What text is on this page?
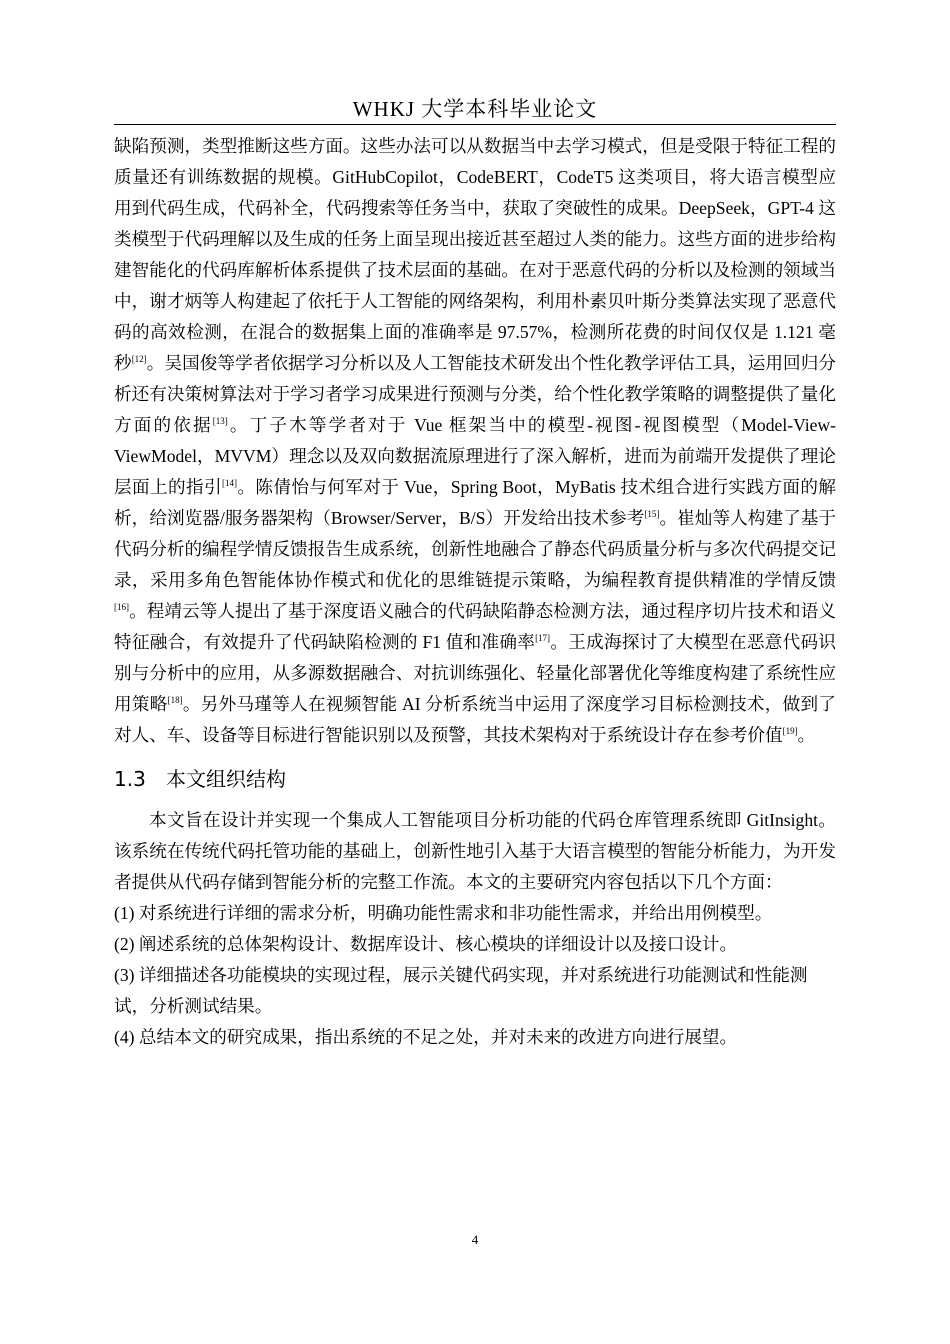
WHKJ 大学本科毕业论文

缺陷预测，类型推断这些方面。这些办法可以从数据当中去学习模式，但是受限于特征工程的质量还有训练数据的规模。GitHubCopilot，CodeBERT，CodeT5 这类项目，将大语言模型应用到代码生成，代码补全，代码搜索等任务当中，获取了突破性的成果。DeepSeek，GPT-4 这类模型于代码理解以及生成的任务上面呈现出接近甚至超过人类的能力。这些方面的进步给构建智能化的代码库解析体系提供了技术层面的基础。在对于恶意代码的分析以及检测的领域当中，谢才炳等人构建起了依托于人工智能的网络架构，利用朴素贝叶斯分类算法实现了恶意代码的高效检测，在混合的数据集上面的准确率是 97.57%，检测所花费的时间仅仅是 1.121 毫秒[12]。吴国俊等学者依据学习分析以及人工智能技术研发出个性化教学评估工具，运用回归分析还有决策树算法对于学习者学习成果进行预测与分类，给个性化教学策略的调整提供了量化方面的依据[13]。丁子木等学者对于 Vue 框架当中的模型-视图-视图模型（Model-View-ViewModel，MVVM）理念以及双向数据流原理进行了深入解析，进而为前端开发提供了理论层面上的指引[14]。陈倩怡与何军对于 Vue，Spring Boot，MyBatis 技术组合进行实践方面的解析，给浏览器/服务器架构（Browser/Server，B/S）开发给出技术参考[15]。崔灿等人构建了基于代码分析的编程学情反馈报告生成系统，创新性地融合了静态代码质量分析与多次代码提交记录，采用多角色智能体协作模式和优化的思维链提示策略，为编程教育提供精准的学情反馈[16]。程靖云等人提出了基于深度语义融合的代码缺陷静态检测方法，通过程序切片技术和语义特征融合，有效提升了代码缺陷检测的 F1 值和准确率[17]。王成海探讨了大模型在恶意代码识别与分析中的应用，从多源数据融合、对抗训练强化、轻量化部署优化等维度构建了系统性应用策略[18]。另外马瑾等人在视频智能 AI 分析系统当中运用了深度学习目标检测技术，做到了对人、车、设备等目标进行智能识别以及预警，其技术架构对于系统设计存在参考价值[19]。

1.3 本文组织结构

本文旨在设计并实现一个集成人工智能项目分析功能的代码仓库管理系统即 GitInsight。该系统在传统代码托管功能的基础上，创新性地引入基于大语言模型的智能分析能力，为开发者提供从代码存储到智能分析的完整工作流。本文的主要研究内容包括以下几个方面：

(1) 对系统进行详细的需求分析，明确功能性需求和非功能性需求，并给出用例模型。

(2) 阐述系统的总体架构设计、数据库设计、核心模块的详细设计以及接口设计。

(3) 详细描述各功能模块的实现过程，展示关键代码实现，并对系统进行功能测试和性能测试，分析测试结果。

(4) 总结本文的研究成果，指出系统的不足之处，并对未来的改进方向进行展望。

4
